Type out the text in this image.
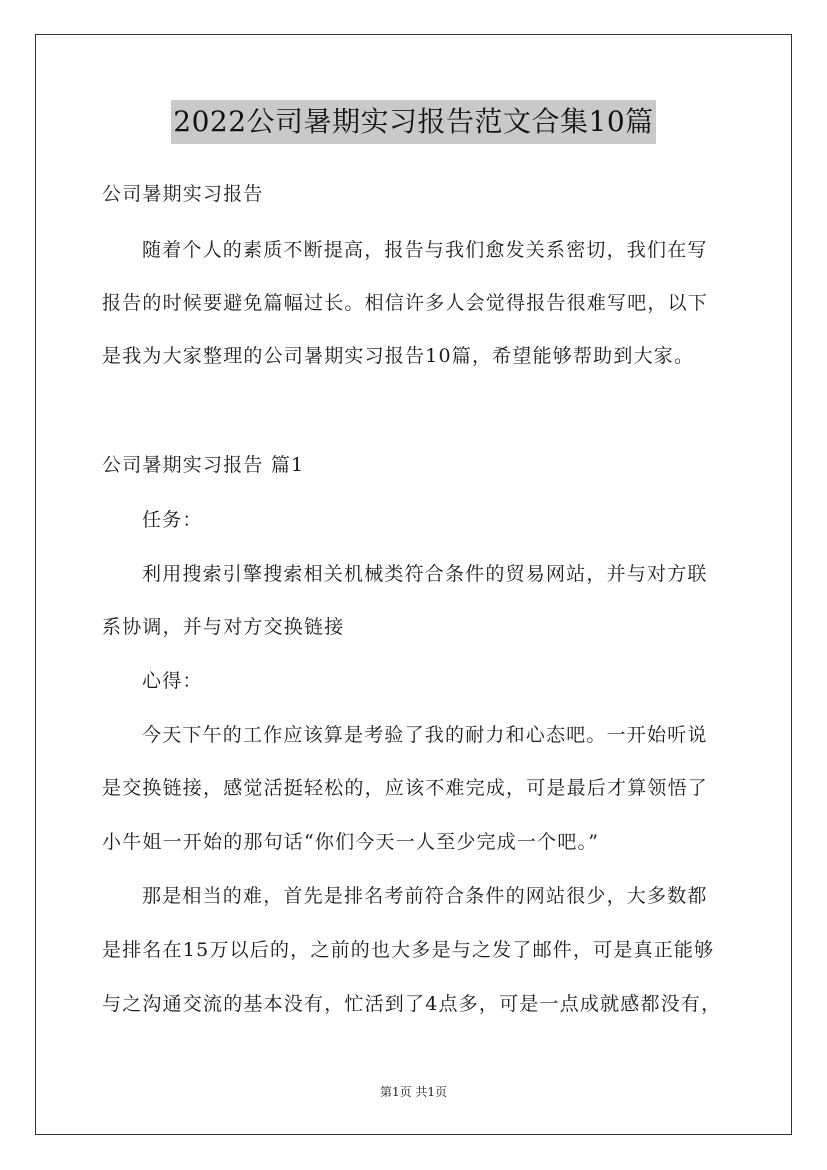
2022公司暑期实习报告范文合集10篇
公司暑期实习报告
随着个人的素质不断提高，报告与我们愈发关系密切，我们在写
报告的时候要避免篇幅过长。相信许多人会觉得报告很难写吧，以下
是我为大家整理的公司暑期实习报告10篇，希望能够帮助到大家。
公司暑期实习报告 篇1
任务：
利用搜索引擎搜索相关机械类符合条件的贸易网站，并与对方联
系协调，并与对方交换链接
心得：
今天下午的工作应该算是考验了我的耐力和心态吧。一开始听说
是交换链接，感觉活挺轻松的，应该不难完成，可是最后才算领悟了
小牛姐一开始的那句话“你们今天一人至少完成一个吧。”
那是相当的难，首先是排名考前符合条件的网站很少，大多数都
是排名在15万以后的，之前的也大多是与之发了邮件，可是真正能够
与之沟通交流的基本没有，忙活到了4点多，可是一点成就感都没有，
第1页 共1页
